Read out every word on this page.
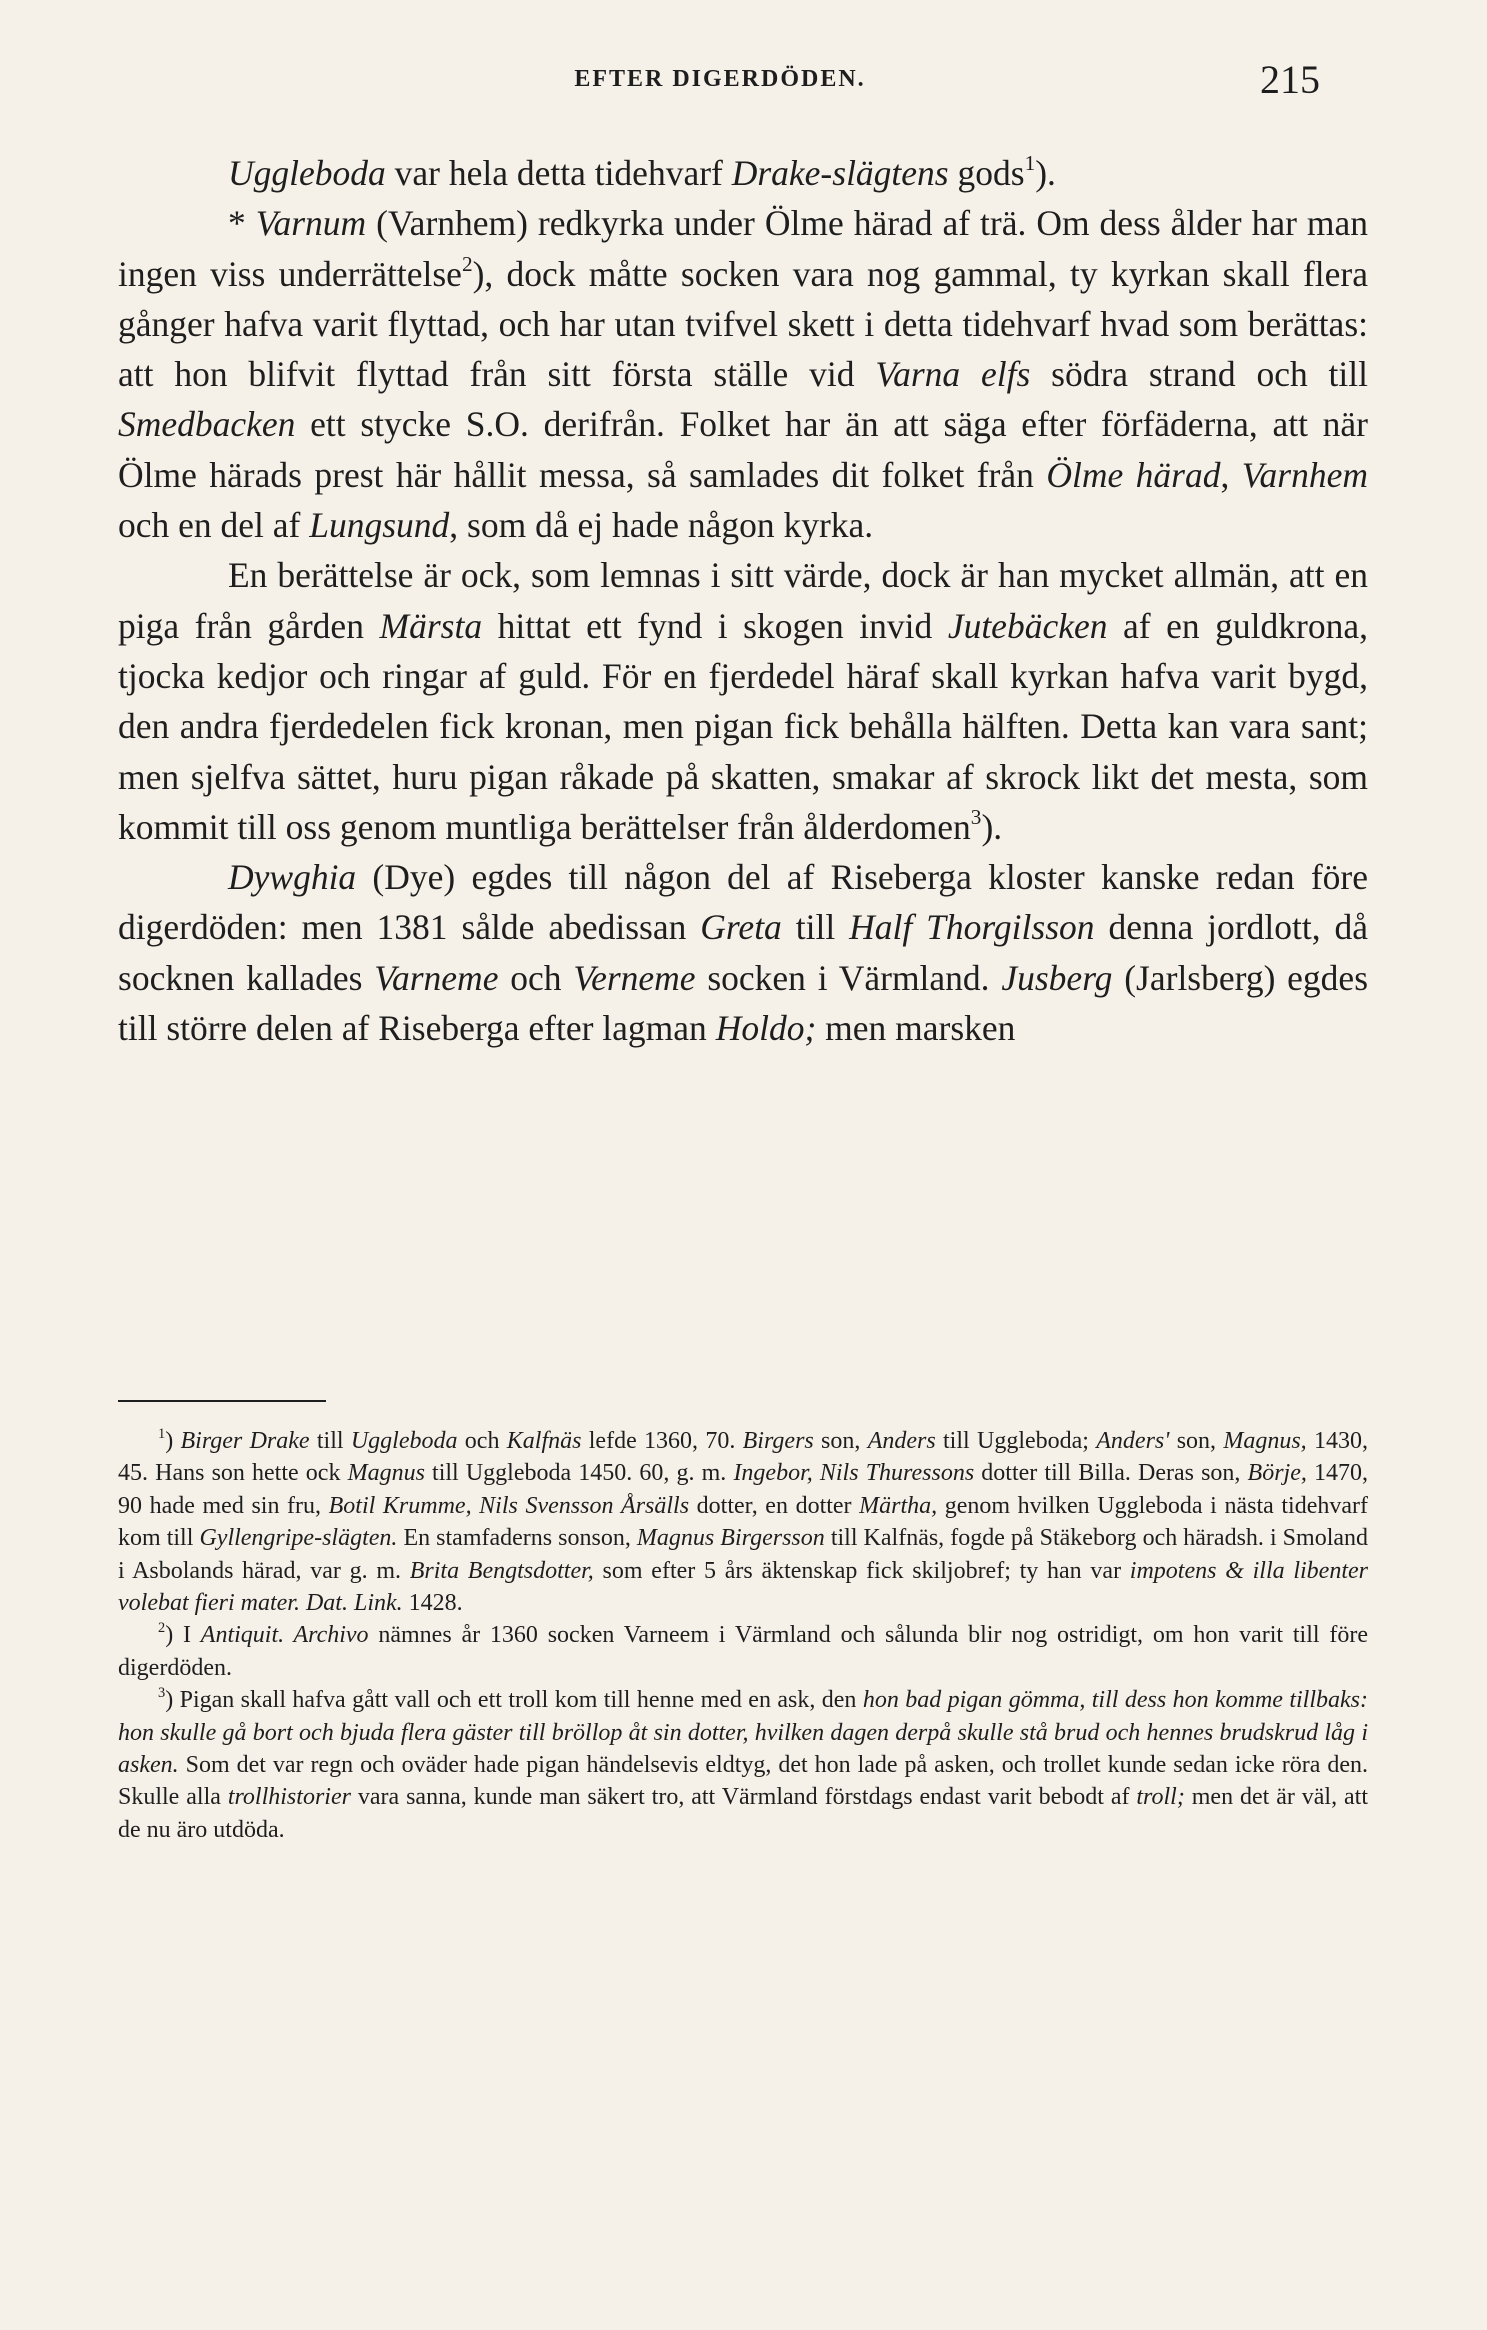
EFTER DIGERDÖDEN.	215

Uggleboda var hela detta tidehvarf Drake-slägtens gods$^1$).

* Varnum (Varnhem) redkyrka under Ölme härad af trä. Om dess ålder har man ingen viss underrättelse$^2$), dock måtte socken vara nog gammal, ty kyrkan skall flera gånger hafva varit flyttad, och har utan tvifvel skett i detta tidehvarf hvad som berättas: att hon blifvit flyttad från sitt första ställe vid Varna elfs södra strand och till Smedbacken ett stycke S.O. derifrån. Folket har än att säga efter förfäderna, att när Ölme härads prest här hållit messa, så samlades dit folket från Ölme härad, Varnhem och en del af Lungsund, som då ej hade någon kyrka.

En berättelse är ock, som lemnas i sitt värde, dock är han mycket allmän, att en piga från gården Märsta hittat ett fynd i skogen invid Jutebäcken af en guldkrona, tjocka kedjor och ringar af guld. För en fjerdedel häraf skall kyrkan hafva varit bygd, den andra fjerdedelen fick kronan, men pigan fick behålla hälften. Detta kan vara sant; men sjelfva sättet, huru pigan råkade på skatten, smakar af skrock likt det mesta, som kommit till oss genom muntliga berättelser från ålderdomen$^3$).

Dywghia (Dye) egdes till någon del af Riseberga kloster kanske redan före digerdöden: men 1381 sålde abedissan Greta till Half Thorgilsson denna jordlott, då socknen kallades Varneme och Verneme socken i Värmland. Jusberg (Jarlsberg) egdes till större delen af Riseberga efter lagman Holdo; men marsken

$^1$) Birger Drake till Uggleboda och Kalfnäs lefde 1360, 70. Birgers son, Anders till Uggleboda; Anders' son, Magnus, 1430, 45. Hans son hette ock Magnus till Uggleboda 1450. 60, g. m. Ingebor, Nils Thuressons dotter till Billa. Deras son, Börje, 1470, 90 hade med sin fru, Botil Krumme, Nils Svensson Årsälls dotter, en dotter Märtha, genom hvilken Uggleboda i nästa tidehvarf kom till Gyllengripe-slägten. En stamfaderns sonson, Magnus Birgersson till Kalfnäs, fogde på Stäkeborg och häradsh. i Smoland i Asbolands härad, var g. m. Brita Bengtsdotter, som efter 5 års äktenskap fick skiljobref; ty han var impotens & illa libenter volebat fieri mater. Dat. Link. 1428.

$^2$) I Antiquit. Archivo nämnes år 1360 socken Varneem i Värmland och sålunda blir nog ostridigt, om hon varit till före digerdöden.

$^3$) Pigan skall hafva gått vall och ett troll kom till henne med en ask, den hon bad pigan gömma, till dess hon komme tillbaks: hon skulle gå bort och bjuda flera gäster till bröllop åt sin dotter, hvilken dagen derpå skulle stå brud och hennes brudskrud låg i asken. Som det var regn och oväder hade pigan händelsevis eldtyg, det hon lade på asken, och trollet kunde sedan icke röra den. Skulle alla trollhistorier vara sanna, kunde man säkert tro, att Värmland förstdags endast varit bebodt af troll; men det är väl, att de nu äro utdöda.
